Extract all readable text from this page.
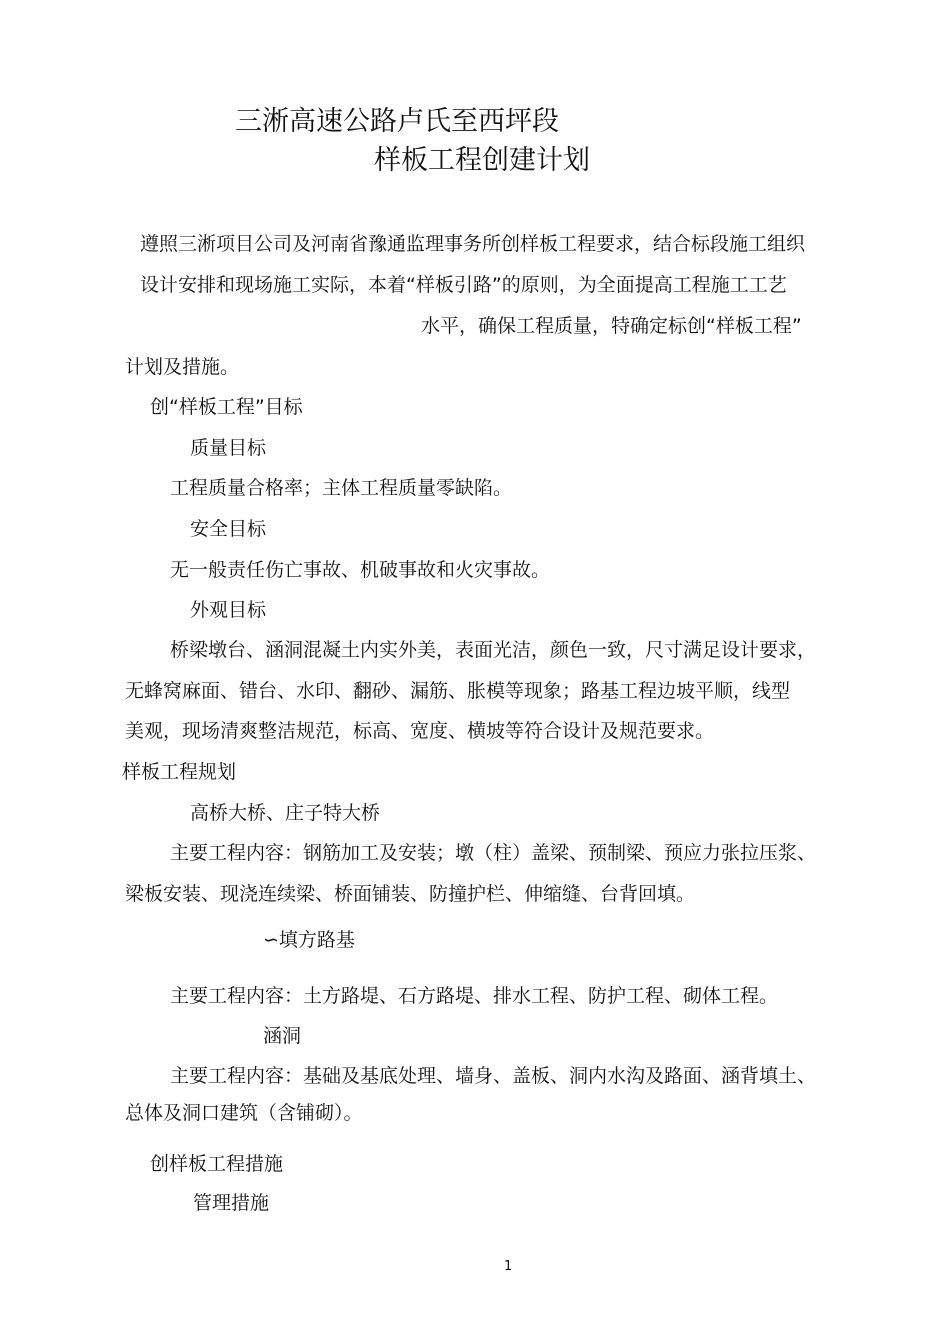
三淅高速公路卢氏至西坪段
样板工程创建计划
遵照三淅项目公司及河南省豫通监理事务所创样板工程要求，结合标段施工组织
设计安排和现场施工实际，本着“样板引路”的原则，为全面提高工程施工工艺
水平，确保工程质量，特确定标创“样板工程”
计划及措施。
创“样板工程”目标
质量目标
工程质量合格率；主体工程质量零缺陷。
安全目标
无一般责任伤亡事故、机破事故和火灾事故。
外观目标
桥梁墩台、涵洞混凝土内实外美，表面光洁，颜色一致，尺寸满足设计要求，
无蜂窝麻面、错台、水印、翻砂、漏筋、胀模等现象；路基工程边坡平顺，线型
美观，现场清爽整洁规范，标高、宽度、横坡等符合设计及规范要求。
样板工程规划
高桥大桥、庄子特大桥
主要工程内容：钢筋加工及安装；墩（柱）盖梁、预制梁、预应力张拉压浆、
梁板安装、现浇连续梁、桥面铺装、防撞护栏、伸缩缝、台背回填。
∽填方路基
主要工程内容：土方路堤、石方路堤、排水工程、防护工程、砌体工程。
涵洞
主要工程内容：基础及基底处理、墙身、盖板、洞内水沟及路面、涵背填土、
总体及洞口建筑（含铺砌）。
创样板工程措施
管理措施
1
